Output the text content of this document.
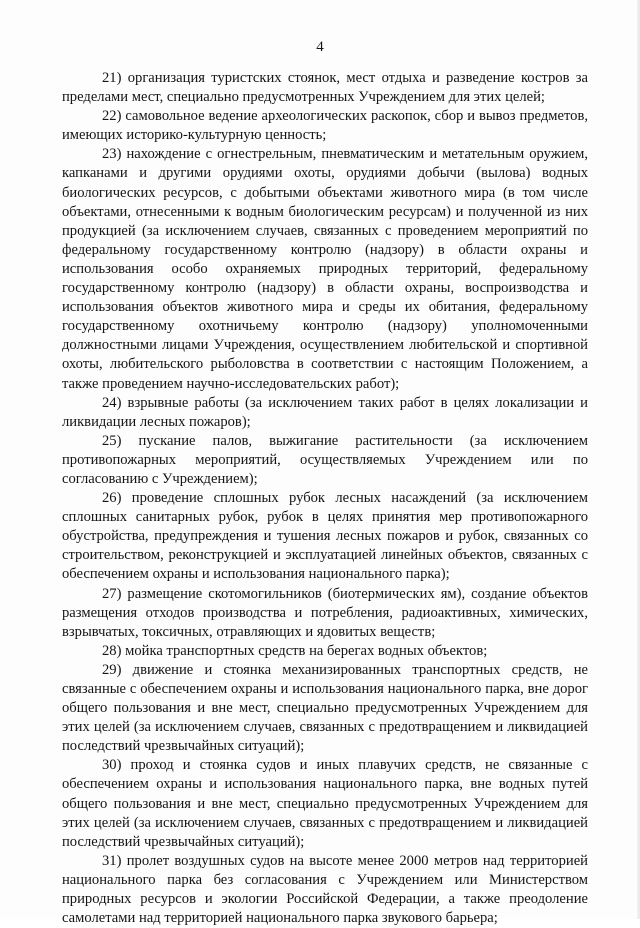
4

21) организация туристских стоянок, мест отдыха и разведение костров за пределами мест, специально предусмотренных Учреждением для этих целей;

22) самовольное ведение археологических раскопок, сбор и вывоз предметов, имеющих историко-культурную ценность;

23) нахождение с огнестрельным, пневматическим и метательным оружием, капканами и другими орудиями охоты, орудиями добычи (вылова) водных биологических ресурсов, с добытыми объектами животного мира (в том числе объектами, отнесенными к водным биологическим ресурсам) и полученной из них продукцией (за исключением случаев, связанных с проведением мероприятий по федеральному государственному контролю (надзору) в области охраны и использования особо охраняемых природных территорий, федеральному государственному контролю (надзору) в области охраны, воспроизводства и использования объектов животного мира и среды их обитания, федеральному государственному охотничьему контролю (надзору) уполномоченными должностными лицами Учреждения, осуществлением любительской и спортивной охоты, любительского рыболовства в соответствии с настоящим Положением, а также проведением научно-исследовательских работ);

24) взрывные работы (за исключением таких работ в целях локализации и ликвидации лесных пожаров);

25) пускание палов, выжигание растительности (за исключением противопожарных мероприятий, осуществляемых Учреждением или по согласованию с Учреждением);

26) проведение сплошных рубок лесных насаждений (за исключением сплошных санитарных рубок, рубок в целях принятия мер противопожарного обустройства, предупреждения и тушения лесных пожаров и рубок, связанных со строительством, реконструкцией и эксплуатацией линейных объектов, связанных с обеспечением охраны и использования национального парка);

27) размещение скотомогильников (биотермических ям), создание объектов размещения отходов производства и потребления, радиоактивных, химических, взрывчатых, токсичных, отравляющих и ядовитых веществ;

28) мойка транспортных средств на берегах водных объектов;

29) движение и стоянка механизированных транспортных средств, не связанные с обеспечением охраны и использования национального парка, вне дорог общего пользования и вне мест, специально предусмотренных Учреждением для этих целей (за исключением случаев, связанных с предотвращением и ликвидацией последствий чрезвычайных ситуаций);

30) проход и стоянка судов и иных плавучих средств, не связанные с обеспечением охраны и использования национального парка, вне водных путей общего пользования и вне мест, специально предусмотренных Учреждением для этих целей (за исключением случаев, связанных с предотвращением и ликвидацией последствий чрезвычайных ситуаций);

31) пролет воздушных судов на высоте менее 2000 метров над территорией национального парка без согласования с Учреждением или Министерством природных ресурсов и экологии Российской Федерации, а также преодоление самолетами над территорией национального парка звукового барьера;
